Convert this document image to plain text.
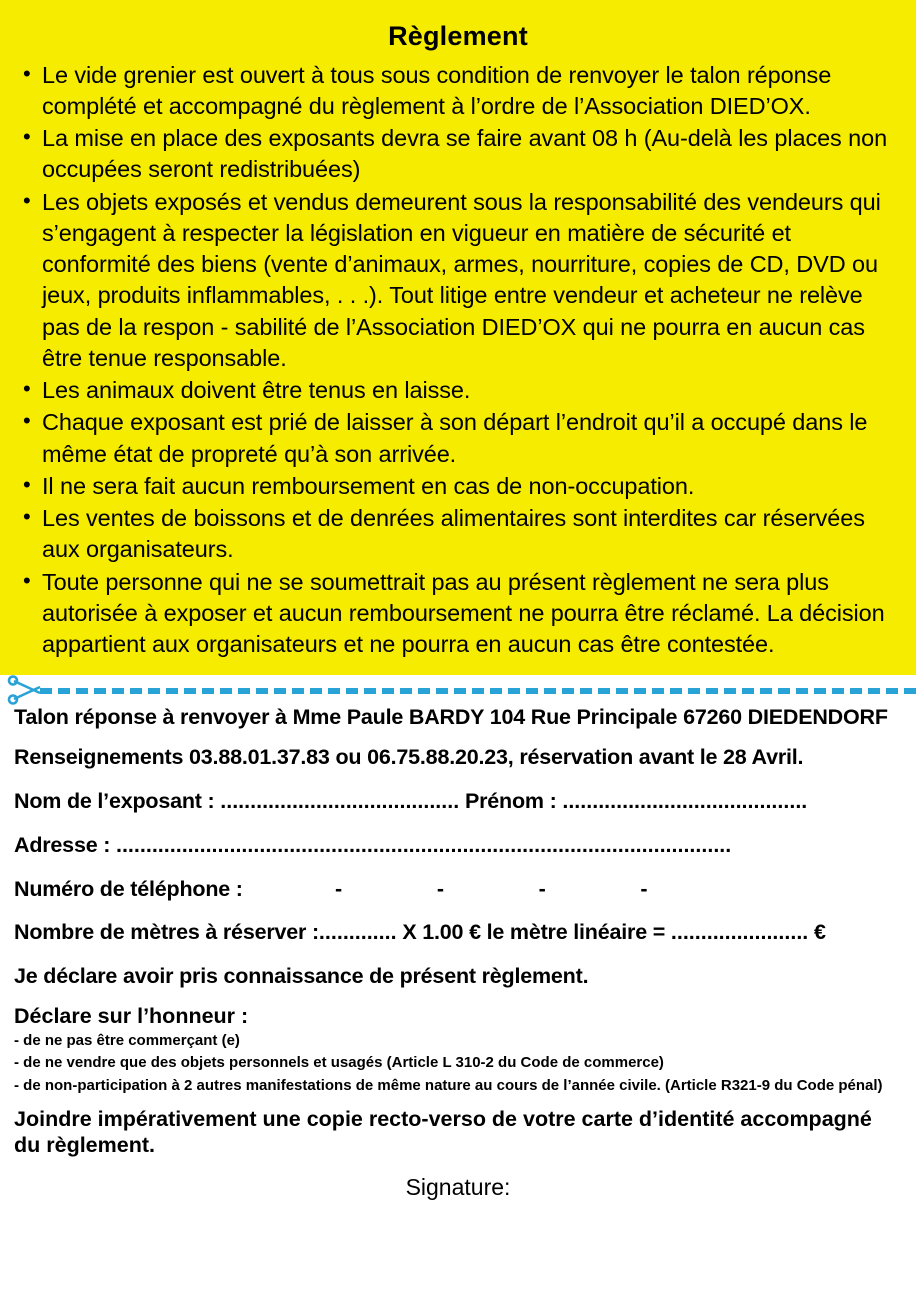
Règlement
• Le vide grenier est ouvert à tous sous condition de renvoyer le talon réponse complété et accompagné du règlement à l’ordre de l’Association DIED’OX.
• La mise en place des exposants devra se faire avant 08 h (Au-delà les places non occupées seront redistribuées)
• Les objets exposés et vendus demeurent sous la responsabilité des vendeurs qui s’engagent à respecter la législation en vigueur en matière de sécurité et conformité des biens (vente d’animaux, armes, nourriture, copies de CD, DVD ou jeux, produits inflammables, . . .). Tout litige entre vendeur et acheteur ne relève pas de la respon - sabilité de l’Association DIED’OX qui ne pourra en aucun cas être tenue responsable.
• Les animaux doivent être tenus en laisse.
• Chaque exposant est prié de laisser à son départ l’endroit qu’il a occupé dans le même état de propreté qu’à son arrivée.
• Il ne sera fait aucun remboursement en cas de non-occupation.
• Les ventes de boissons et de denrées alimentaires sont interdites car réservées aux organisateurs.
• Toute personne qui ne se soumettrait pas au présent règlement ne sera plus autorisée à exposer et aucun remboursement ne pourra être réclamé. La décision appartient aux organisateurs et ne pourra en aucun cas être contestée.

Talon réponse à renvoyer à Mme Paule BARDY 104 Rue Principale 67260 DIEDENDORF

Renseignements 03.88.01.37.83 ou 06.75.88.20.23, réservation avant le 28 Avril.

Nom de l’exposant : ........................................ Prénom : .........................................

Adresse : .......................................................................................................

Numéro de téléphone :	-	-	-	-

Nombre de mètres à réserver :............. X 1.00 € le mètre linéaire = ....................... €

Je déclare avoir pris connaissance de présent règlement.

Déclare sur l’honneur :

- de ne pas être commerçant (e)

- de ne vendre que des objets personnels et usagés (Article L 310-2 du Code de commerce)

- de non-participation à 2 autres manifestations de même nature au cours de l’année civile. (Article R321-9 du Code pénal)

Joindre impérativement une copie recto-verso de votre carte d’identité accompagné du règlement.

Signature:
